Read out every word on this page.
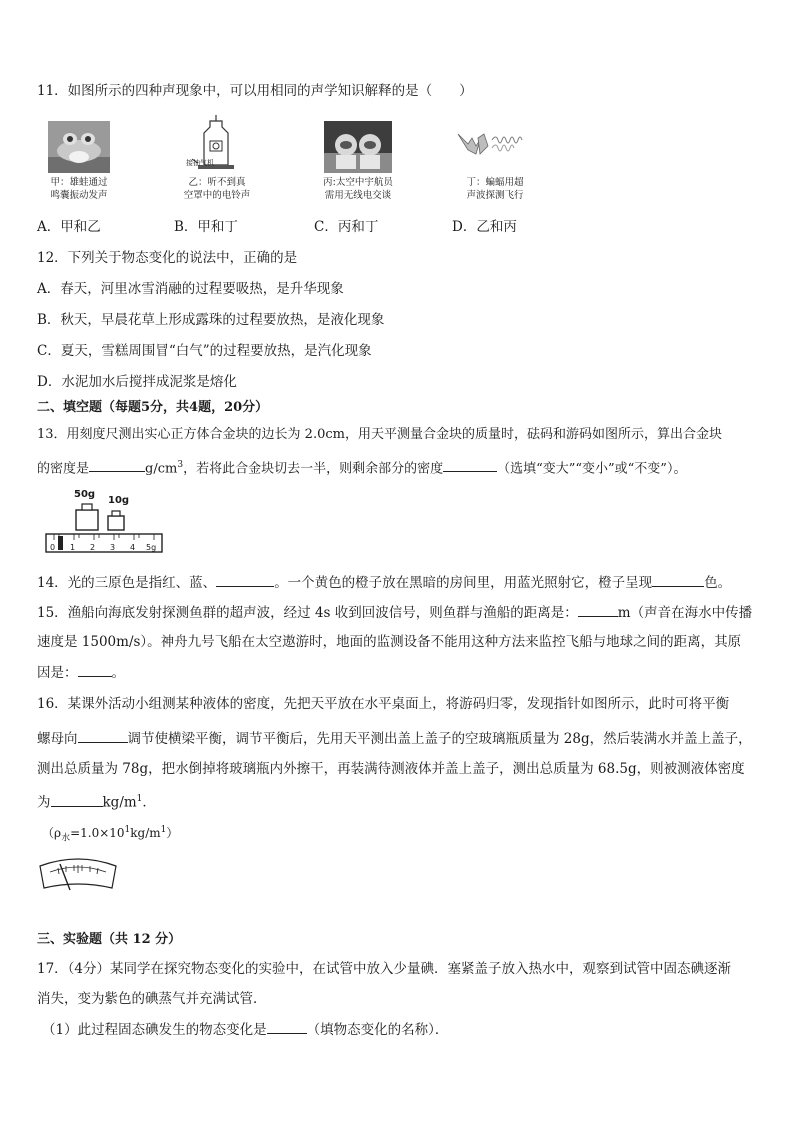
11．如图所示的四种声现象中，可以用相同的声学知识解释的是（　　）
甲：雄蛙通过
鸣囊振动发声
接抽气机
乙：听不到真
空罩中的电铃声
丙:太空中宇航员
需用无线电交谈
丁：蝙蝠用超
声波探测飞行
A．甲和乙	B．甲和丁	C．丙和丁	D．乙和丙
12．下列关于物态变化的说法中，正确的是
A．春天，河里冰雪消融的过程要吸热，是升华现象
B．秋天，早晨花草上形成露珠的过程要放热，是液化现象
C．夏天，雪糕周围冒“白气”的过程要放热，是汽化现象
D．水泥加水后搅拌成泥浆是熔化
二、填空题（每题5分，共4题，20分）
13．用刻度尺测出实心正方体合金块的边长为 2.0cm，用天平测量合金块的质量时，砝码和游码如图所示，算出合金块
的密度是	$g/cm^3$，若将此合金块切去一半，则剩余部分的密度	（选填“变大”“变小”或“不变”）。
50g
10g
0 1 2 3 4 5g
14．光的三原色是指红、蓝、	。一个黄色的橙子放在黑暗的房间里，用蓝光照射它，橙子呈现	色。
15．渔船向海底发射探测鱼群的超声波，经过 4s 收到回波信号，则鱼群与渔船的距离是：	m（声音在海水中传播
速度是 1500m/s）。神舟九号飞船在太空遨游时，地面的监测设备不能用这种方法来监控飞船与地球之间的距离，其原
因是：	。
16．某课外活动小组测某种液体的密度，先把天平放在水平桌面上，将游码归零，发现指针如图所示，此时可将平衡
螺母向	调节使横梁平衡，调节平衡后，先用天平测出盖上盖子的空玻璃瓶质量为 28g，然后装满水并盖上盖子，
测出总质量为 78g，把水倒掉将玻璃瓶内外擦干，再装满待测液体并盖上盖子，测出总质量为 68.5g，则被测液体密度
为	$kg/m^1$．
$(\rho_水=1.0\times 10^1kg/m^1)$
三、实验题（共 12 分）
17．（4分）某同学在探究物态变化的实验中，在试管中放入少量碘．塞紧盖子放入热水中，观察到试管中固态碘逐渐
消失，变为紫色的碘蒸气并充满试管．
（1）此过程固态碘发生的物态变化是	（填物态变化的名称）．
